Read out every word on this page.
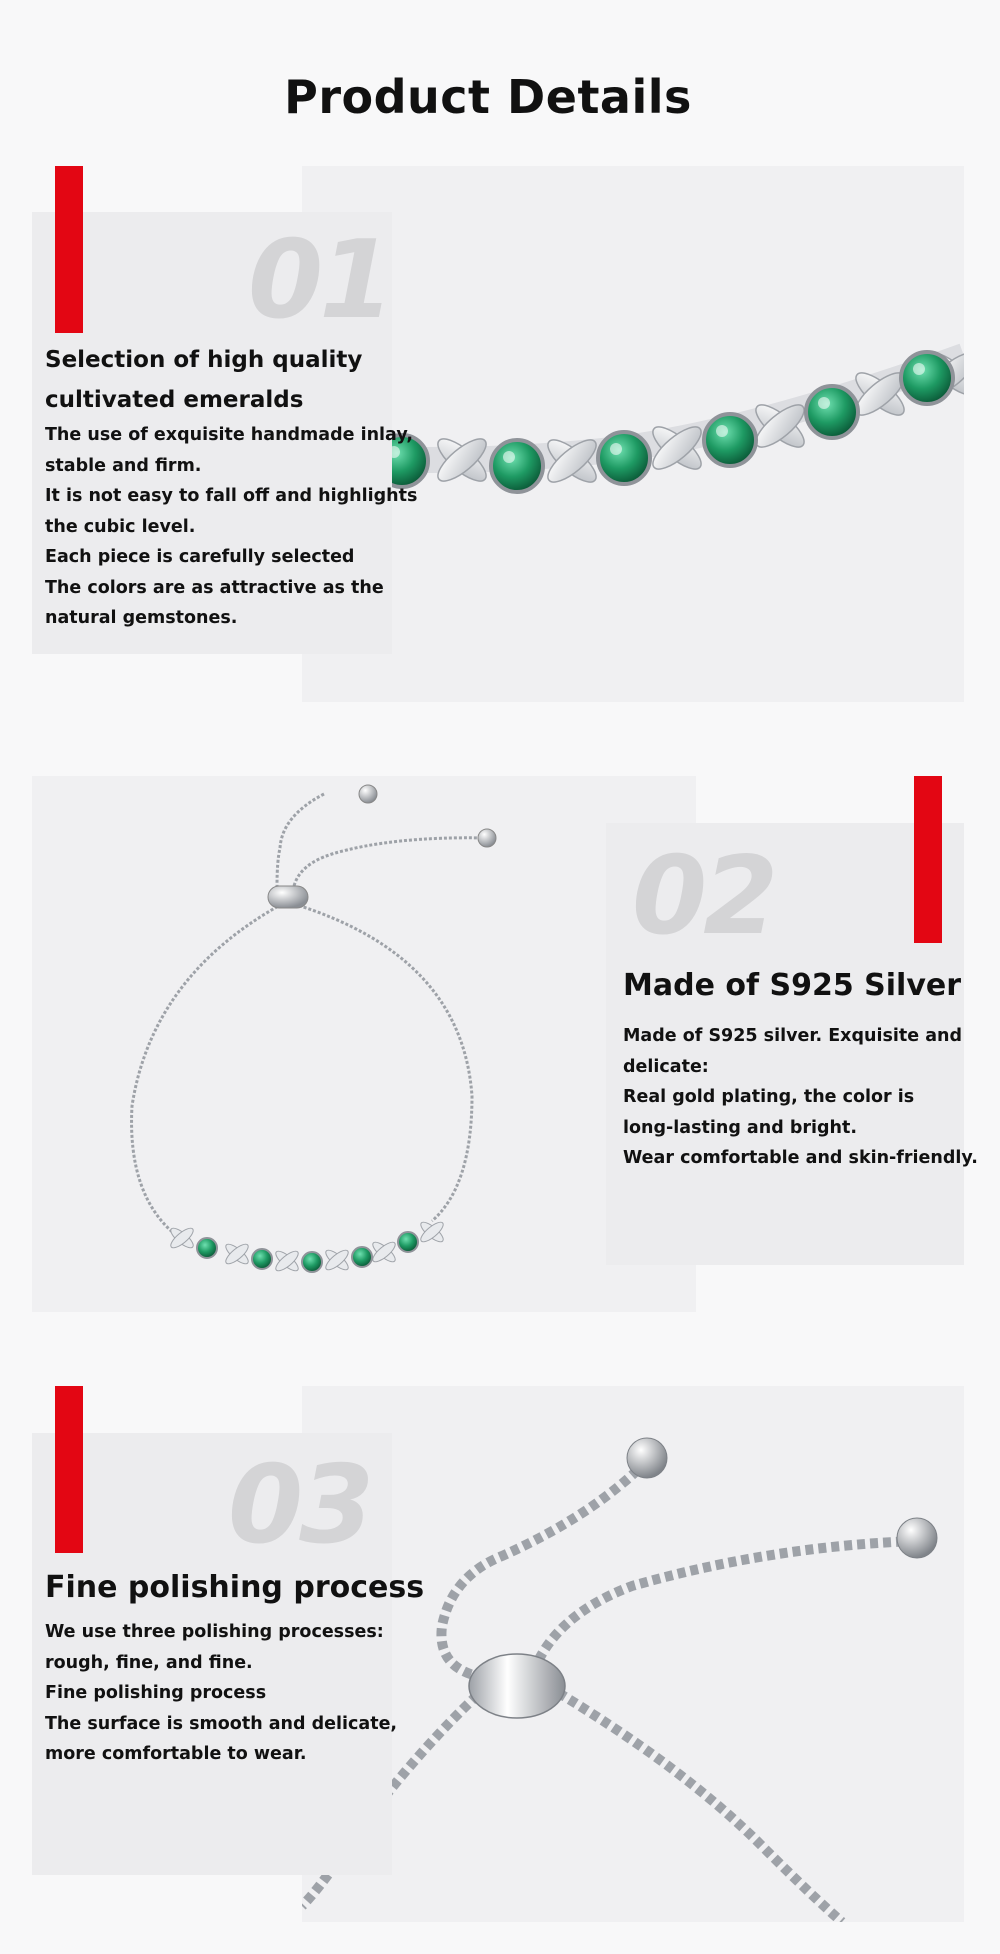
Product Details
01
Selection of high quality
cultivated emeralds
The use of exquisite handmade inlay,
stable and firm.
It is not easy to fall off and highlights
the cubic level.
Each piece is carefully selected
The colors are as attractive as the
natural gemstones.
02
Made of S925 Silver
Made of S925 silver. Exquisite and
delicate:
Real gold plating, the color is
long-lasting and bright.
Wear comfortable and skin-friendly.
03
Fine polishing process
We use three polishing processes:
rough, fine, and fine.
Fine polishing process
The surface is smooth and delicate,
more comfortable to wear.
